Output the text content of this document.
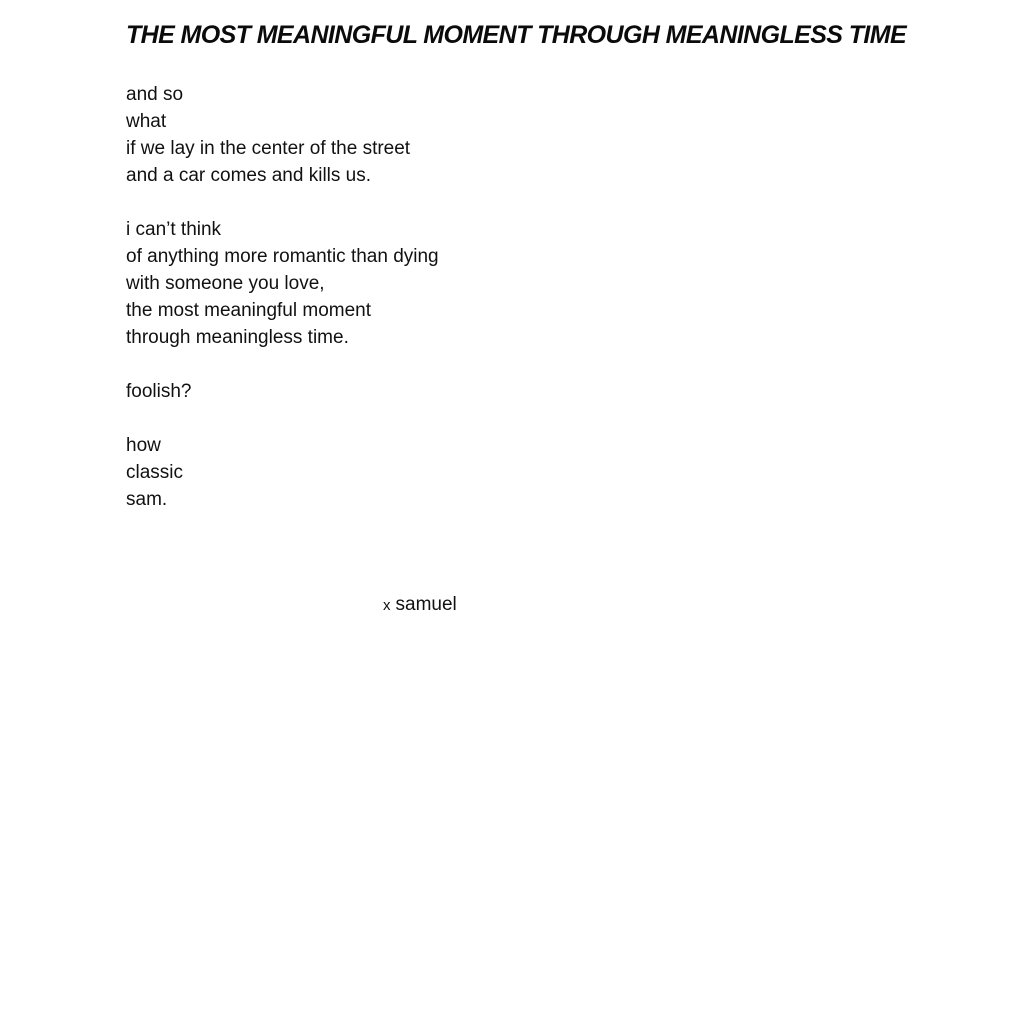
THE MOST MEANINGFUL MOMENT THROUGH MEANINGLESS TIME
and so
what
if we lay in the center of the street
and a car comes and kills us.
i can’t think
of anything more romantic than dying
with someone you love,
the most meaningful moment
through meaningless time.
foolish?
how
classic
sam.
x samuel
